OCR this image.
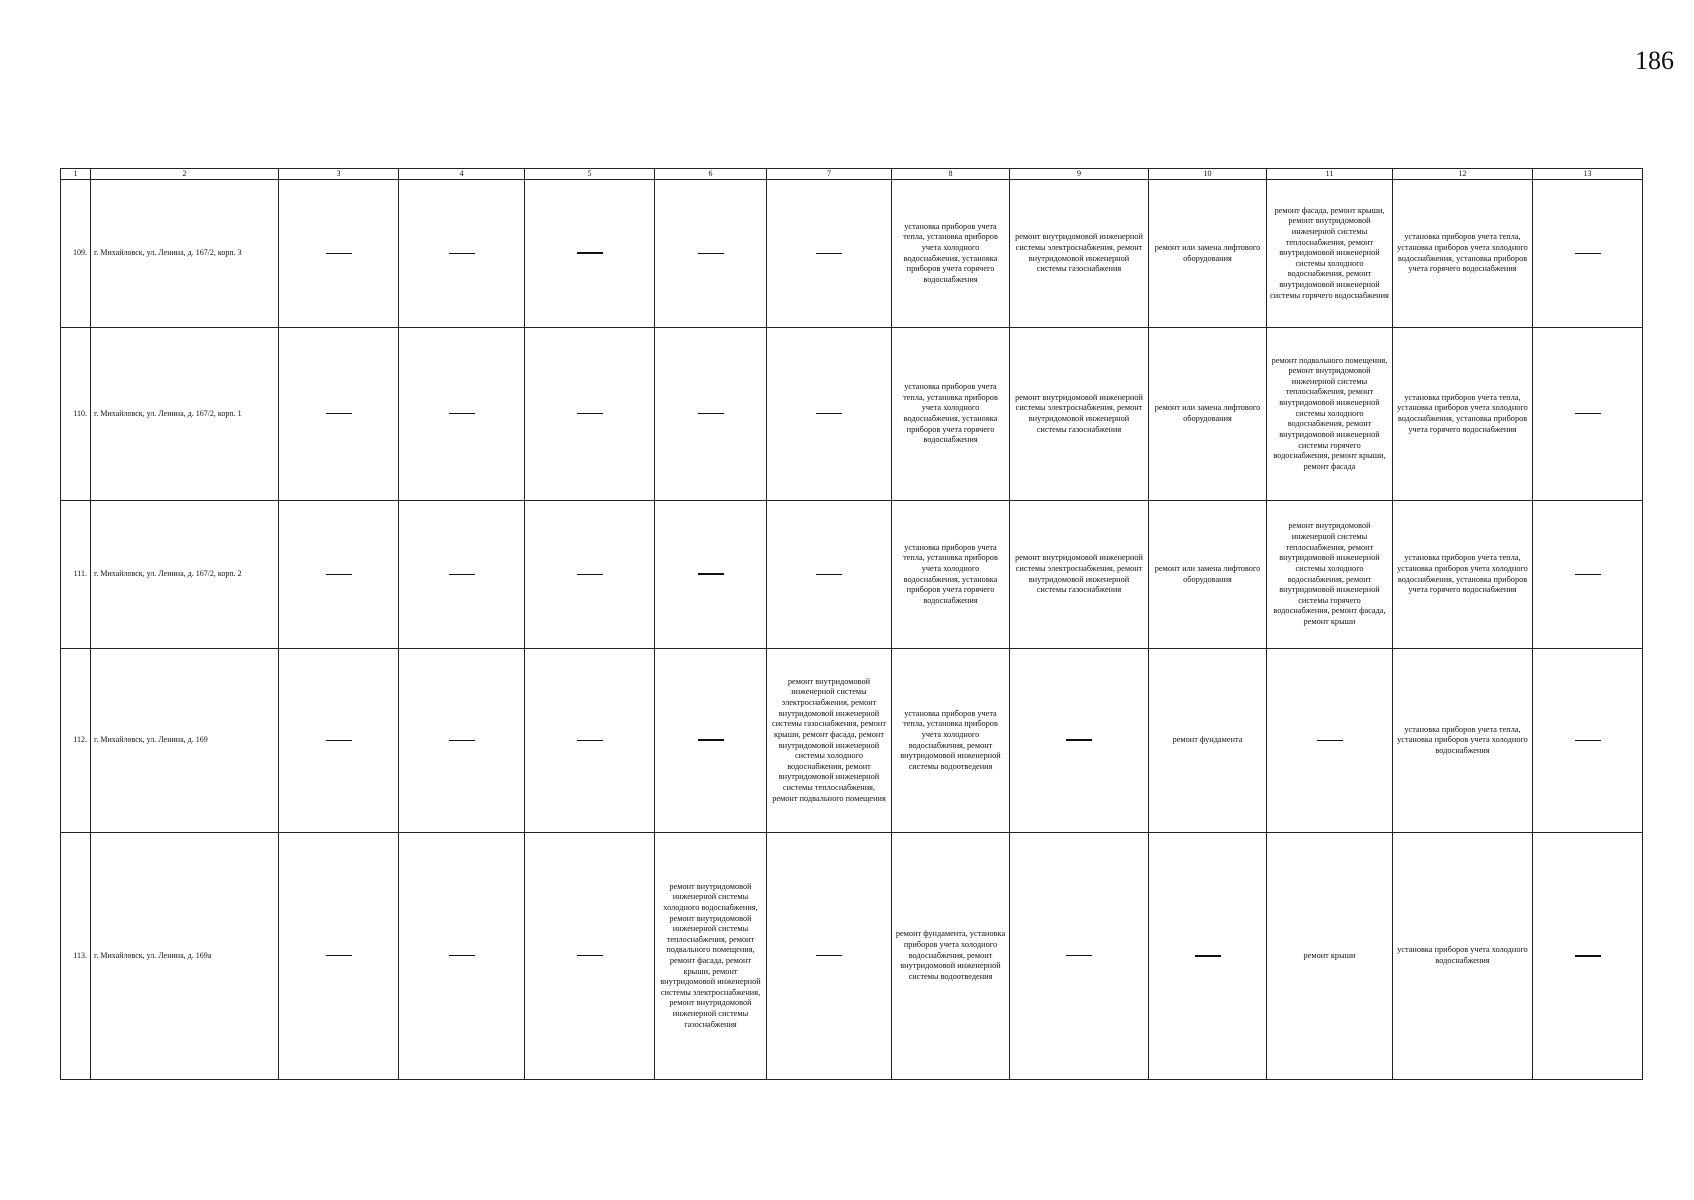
186
1	2	3	4	5	6	7	8	9	10	11	12	13
109.	г. Михайловск, ул. Ленина, д. 167/2, корп. 3						установка приборов учета тепла, установка приборов учета холодного водоснабжения, установка приборов учета горячего водоснабжения	ремонт внутридомовой инженерной системы электроснабжения, ремонт внутридомовой инженерной системы газоснабжения	ремонт или замена лифтового оборудования	ремонт фасада, ремонт крыши, ремонт внутридомовой инженерной системы теплоснабжения, ремонт внутридомовой инженерной системы холодного водоснабжения, ремонт внутридомовой инженерной системы горячего водоснабжения	установка приборов учета тепла, установка приборов учета холодного водоснабжения, установка приборов учета горячего водоснабжения	
110.	г. Михайловск, ул. Ленина, д. 167/2, корп. 1						установка приборов учета тепла, установка приборов учета холодного водоснабжения, установка приборов учета горячего водоснабжения	ремонт внутридомовой инженерной системы электроснабжения, ремонт внутридомовой инженерной системы газоснабжения	ремонт или замена лифтового оборудования	ремонт подвального помещения, ремонт внутридомовой инженерной системы теплоснабжения, ремонт внутридомовой инженерной системы холодного водоснабжения, ремонт внутридомовой инженерной системы горячего водоснабжения, ремонт крыши, ремонт фасада	установка приборов учета тепла, установка приборов учета холодного водоснабжения, установка приборов учета горячего водоснабжения	
111.	г. Михайловск, ул. Ленина, д. 167/2, корп. 2						установка приборов учета тепла, установка приборов учета холодного водоснабжения, установка приборов учета горячего водоснабжения	ремонт внутридомовой инженерной системы электроснабжения, ремонт внутридомовой инженерной системы газоснабжения	ремонт или замена лифтового оборудования	ремонт внутридомовой инженерной системы теплоснабжения, ремонт внутридомовой инженерной системы холодного водоснабжения, ремонт внутридомовой инженерной системы горячего водоснабжения, ремонт фасада, ремонт крыши	установка приборов учета тепла, установка приборов учета холодного водоснабжения, установка приборов учета горячего водоснабжения	
112.	г. Михайловск, ул. Ленина, д. 169					ремонт внутридомовой инженерной системы электроснабжения, ремонт внутридомовой инженерной системы газоснабжения, ремонт крыши, ремонт фасада, ремонт внутридомовой инженерной системы холодного водоснабжения, ремонт внутридомовой инженерной системы теплоснабжения, ремонт подвального помещения	установка приборов учета тепла, установка приборов учета холодного водоснабжения, ремонт внутридомовой инженерной системы водоотведения		ремонт фундамента		установка приборов учета тепла, установка приборов учета холодного водоснабжения	
113.	г. Михайловск, ул. Ленина, д. 169а				ремонт внутридомовой инженерной системы холодного водоснабжения, ремонт внутридомовой инженерной системы теплоснабжения, ремонт подвального помещения, ремонт фасада, ремонт крыши, ремонт внутридомовой инженерной системы электроснабжения, ремонт внутридомовой инженерной системы газоснабжения		ремонт фундамента, установка приборов учета холодного водоснабжения, ремонт внутридомовой инженерной системы водоотведения			ремонт крыши	установка приборов учета холодного водоснабжения	
